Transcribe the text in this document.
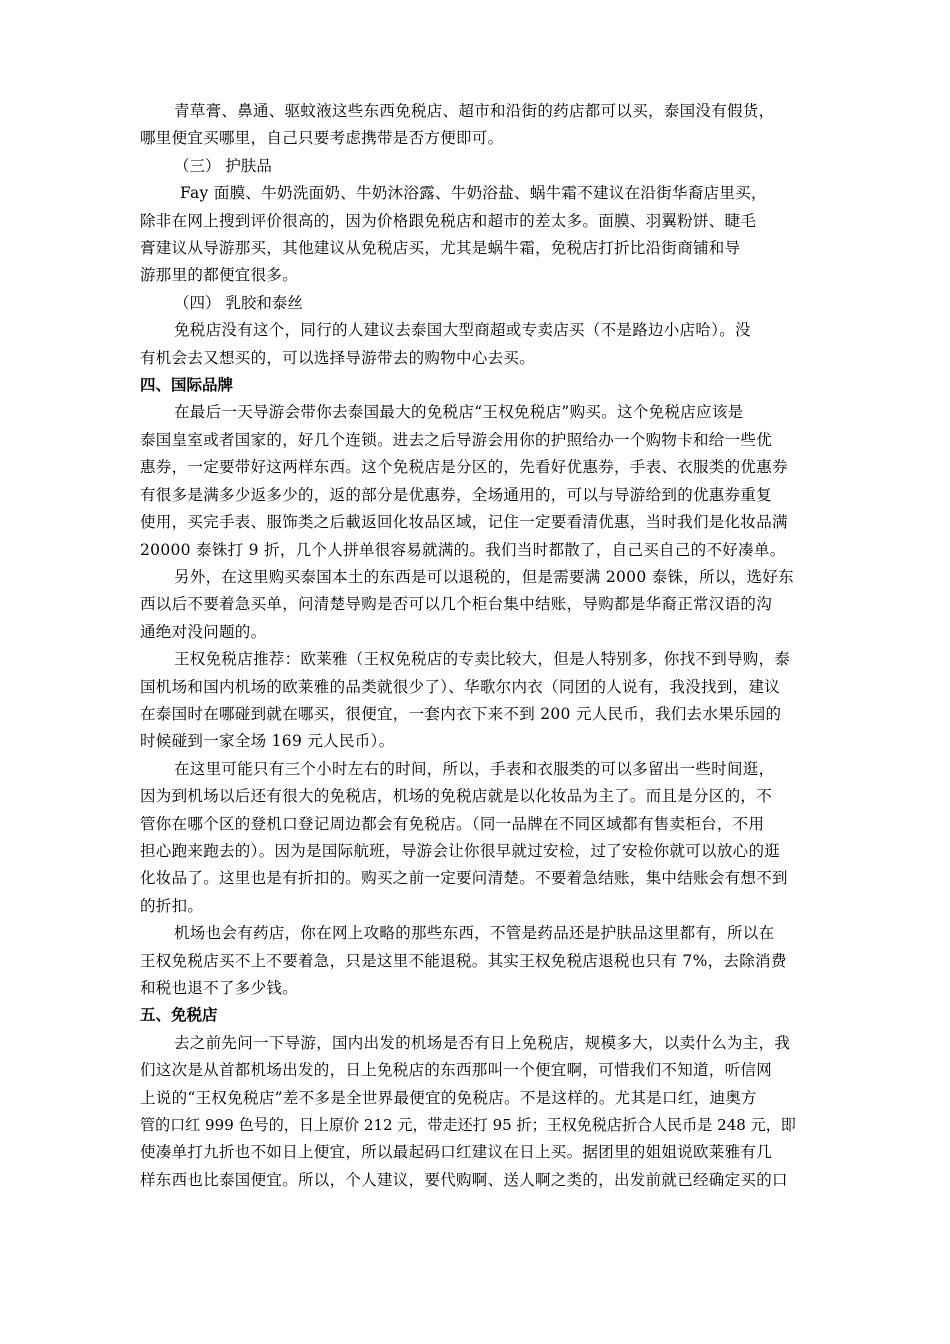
青草膏、鼻通、驱蚊液这些东西免税店、超市和沿街的药店都可以买，泰国没有假货，
哪里便宜买哪里，自己只要考虑携带是否方便即可。
（三） 护肤品
Fay 面膜、牛奶洗面奶、牛奶沐浴露、牛奶浴盐、蜗牛霜不建议在沿街华裔店里买，
除非在网上搜到评价很高的，因为价格跟免税店和超市的差太多。面膜、羽翼粉饼、睫毛
膏建议从导游那买，其他建议从免税店买，尤其是蜗牛霜，免税店打折比沿街商铺和导
游那里的都便宜很多。
（四） 乳胶和泰丝
免税店没有这个，同行的人建议去泰国大型商超或专卖店买（不是路边小店哈）。没
有机会去又想买的，可以选择导游带去的购物中心去买。
四、国际品牌
在最后一天导游会带你去泰国最大的免税店“王权免税店”购买。这个免税店应该是
泰国皇室或者国家的，好几个连锁。进去之后导游会用你的护照给办一个购物卡和给一些优
惠券，一定要带好这两样东西。这个免税店是分区的，先看好优惠券，手表、衣服类的优惠券
有很多是满多少返多少的，返的部分是优惠券，全场通用的，可以与导游给到的优惠券重复
使用，买完手表、服饰类之后載返回化妆品区域，记住一定要看清优惠，当时我们是化妆品满
20000 泰铢打 9 折，几个人拼单很容易就满的。我们当时都散了，自己买自己的不好凑单。
另外，在这里购买泰国本土的东西是可以退税的，但是需要满 2000 泰铢，所以，选好东
西以后不要着急买单，问清楚导购是否可以几个柜台集中结账，导购都是华裔正常汉语的沟
通绝对没问题的。
王权免税店推荐：欧莱雅（王权免税店的专卖比较大，但是人特别多，你找不到导购，泰
国机场和国内机场的欧莱雅的品类就很少了）、华歌尔内衣（同团的人说有，我没找到，建议
在泰国时在哪碰到就在哪买，很便宜，一套内衣下来不到 200 元人民币，我们去水果乐园的
时候碰到一家全场 169 元人民币）。
在这里可能只有三个小时左右的时间，所以，手表和衣服类的可以多留出一些时间逛，
因为到机场以后还有很大的免税店，机场的免税店就是以化妆品为主了。而且是分区的，不
管你在哪个区的登机口登记周边都会有免税店。（同一品牌在不同区域都有售卖柜台，不用
担心跑来跑去的）。因为是国际航班，导游会让你很早就过安检，过了安检你就可以放心的逛
化妆品了。这里也是有折扣的。购买之前一定要问清楚。不要着急结账，集中结账会有想不到
的折扣。
机场也会有药店，你在网上攻略的那些东西，不管是药品还是护肤品这里都有，所以在
王权免税店买不上不要着急，只是这里不能退税。其实王权免税店退税也只有 7%，去除消费
和税也退不了多少钱。
五、免税店
去之前先问一下导游，国内出发的机场是否有日上免税店，规模多大，以卖什么为主，我
们这次是从首都机场出发的，日上免税店的东西那叫一个便宜啊，可惜我们不知道，听信网
上说的“王权免税店”差不多是全世界最便宜的免税店。不是这样的。尤其是口红，迪奥方
管的口红 999 色号的，日上原价 212 元，带走还打 95 折；王权免税店折合人民币是 248 元，即
使凑单打九折也不如日上便宜，所以最起码口红建议在日上买。据团里的姐姐说欧莱雅有几
样东西也比泰国便宜。所以，个人建议，要代购啊、送人啊之类的，出发前就已经确定买的口
